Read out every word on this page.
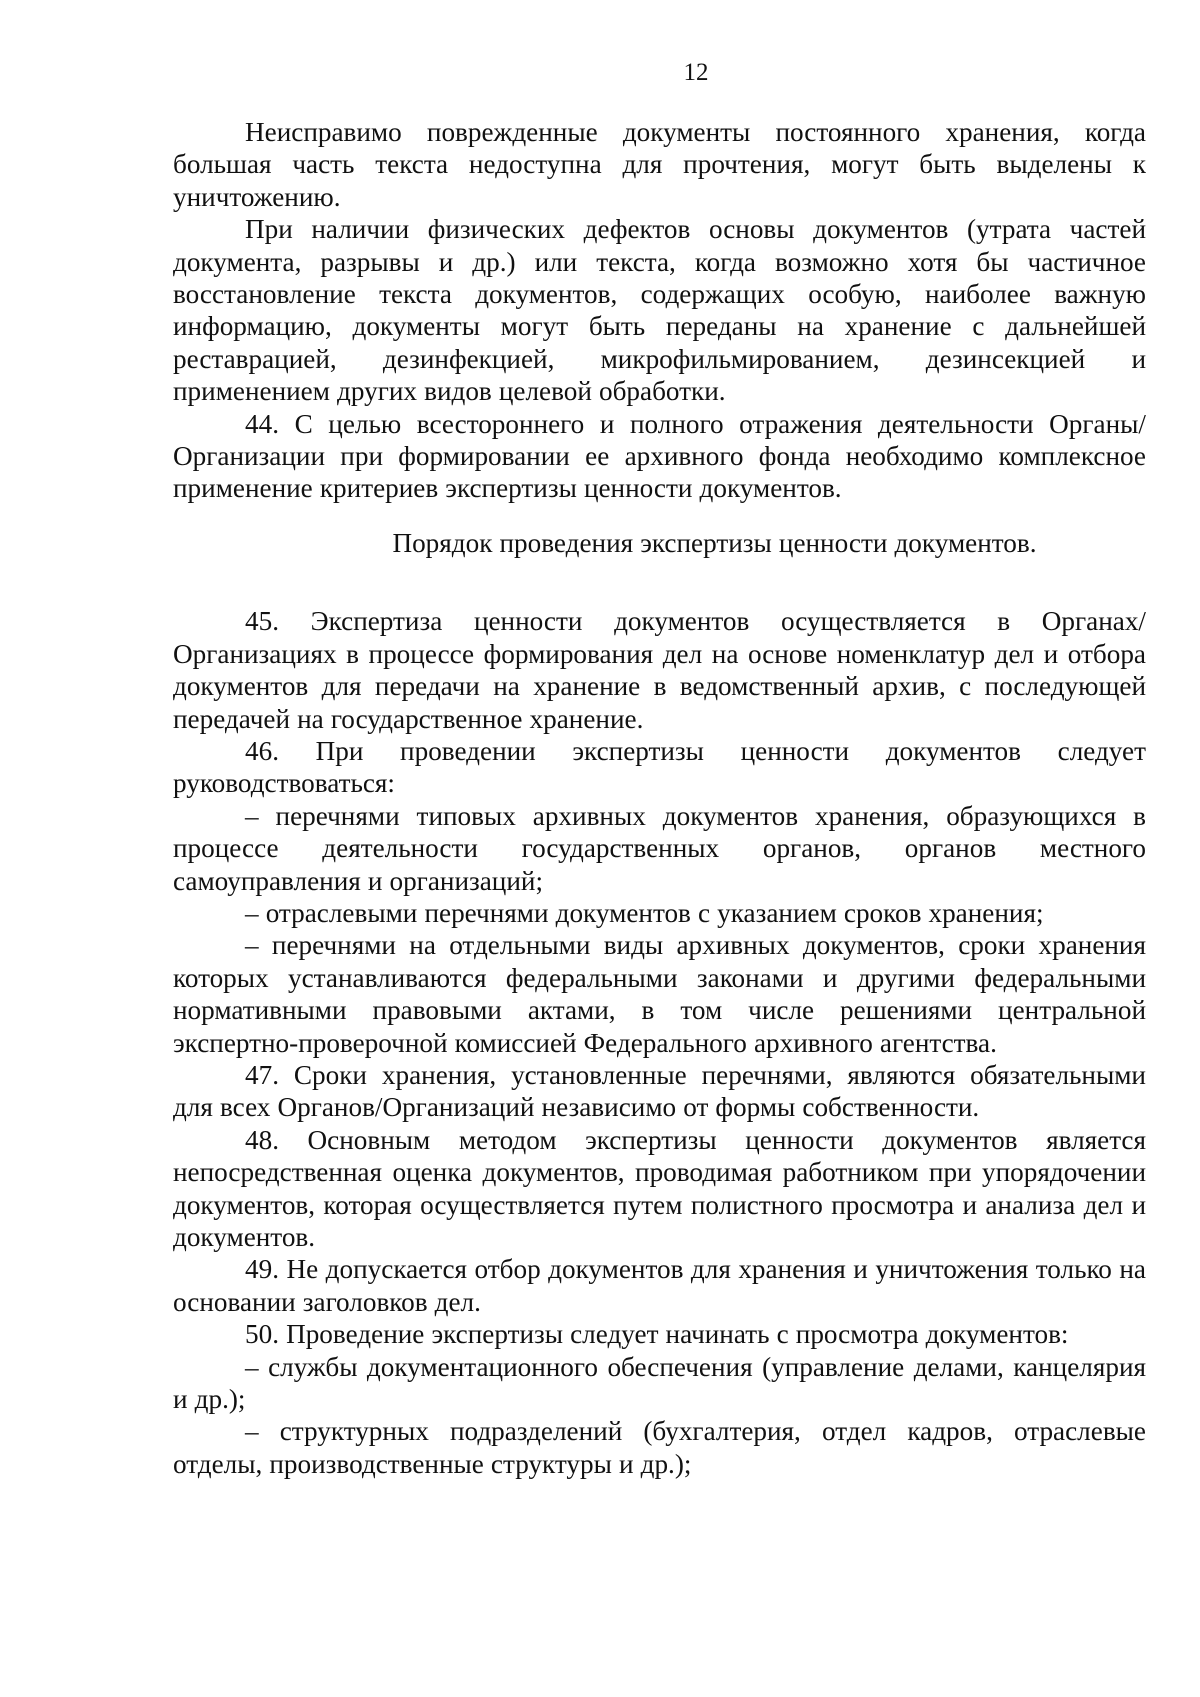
12

Неисправимо поврежденные документы постоянного хранения, когда большая часть текста недоступна для прочтения, могут быть выделены к уничтожению.

При наличии физических дефектов основы документов (утрата частей документа, разрывы и др.) или текста, когда возможно хотя бы частичное восстановление текста документов, содержащих особую, наиболее важную информацию, документы могут быть переданы на хранение с дальнейшей реставрацией, дезинфекцией, микрофильмированием, дезинсекцией и применением других видов целевой обработки.

44. С целью всестороннего и полного отражения деятельности Органы/Организации при формировании ее архивного фонда необходимо комплексное применение критериев экспертизы ценности документов.

Порядок проведения экспертизы ценности документов.

45. Экспертиза ценности документов осуществляется в Органах/Организациях в процессе формирования дел на основе номенклатур дел и отбора документов для передачи на хранение в ведомственный архив, с последующей передачей на государственное хранение.

46. При проведении экспертизы ценности документов следует руководствоваться:

– перечнями типовых архивных документов хранения, образующихся в процессе деятельности государственных органов, органов местного самоуправления и организаций;

– отраслевыми перечнями документов с указанием сроков хранения;

– перечнями на отдельными виды архивных документов, сроки хранения которых устанавливаются федеральными законами и другими федеральными нормативными правовыми актами, в том числе решениями центральной экспертно-проверочной комиссией Федерального архивного агентства.

47. Сроки хранения, установленные перечнями, являются обязательными для всех Органов/Организаций независимо от формы собственности.

48. Основным методом экспертизы ценности документов является непосредственная оценка документов, проводимая работником при упорядочении документов, которая осуществляется путем полистного просмотра и анализа дел и документов.

49. Не допускается отбор документов для хранения и уничтожения только на основании заголовков дел.

50. Проведение экспертизы следует начинать с просмотра документов:

– службы документационного обеспечения (управление делами, канцелярия и др.);

– структурных подразделений (бухгалтерия, отдел кадров, отраслевые отделы, производственные структуры и др.);
